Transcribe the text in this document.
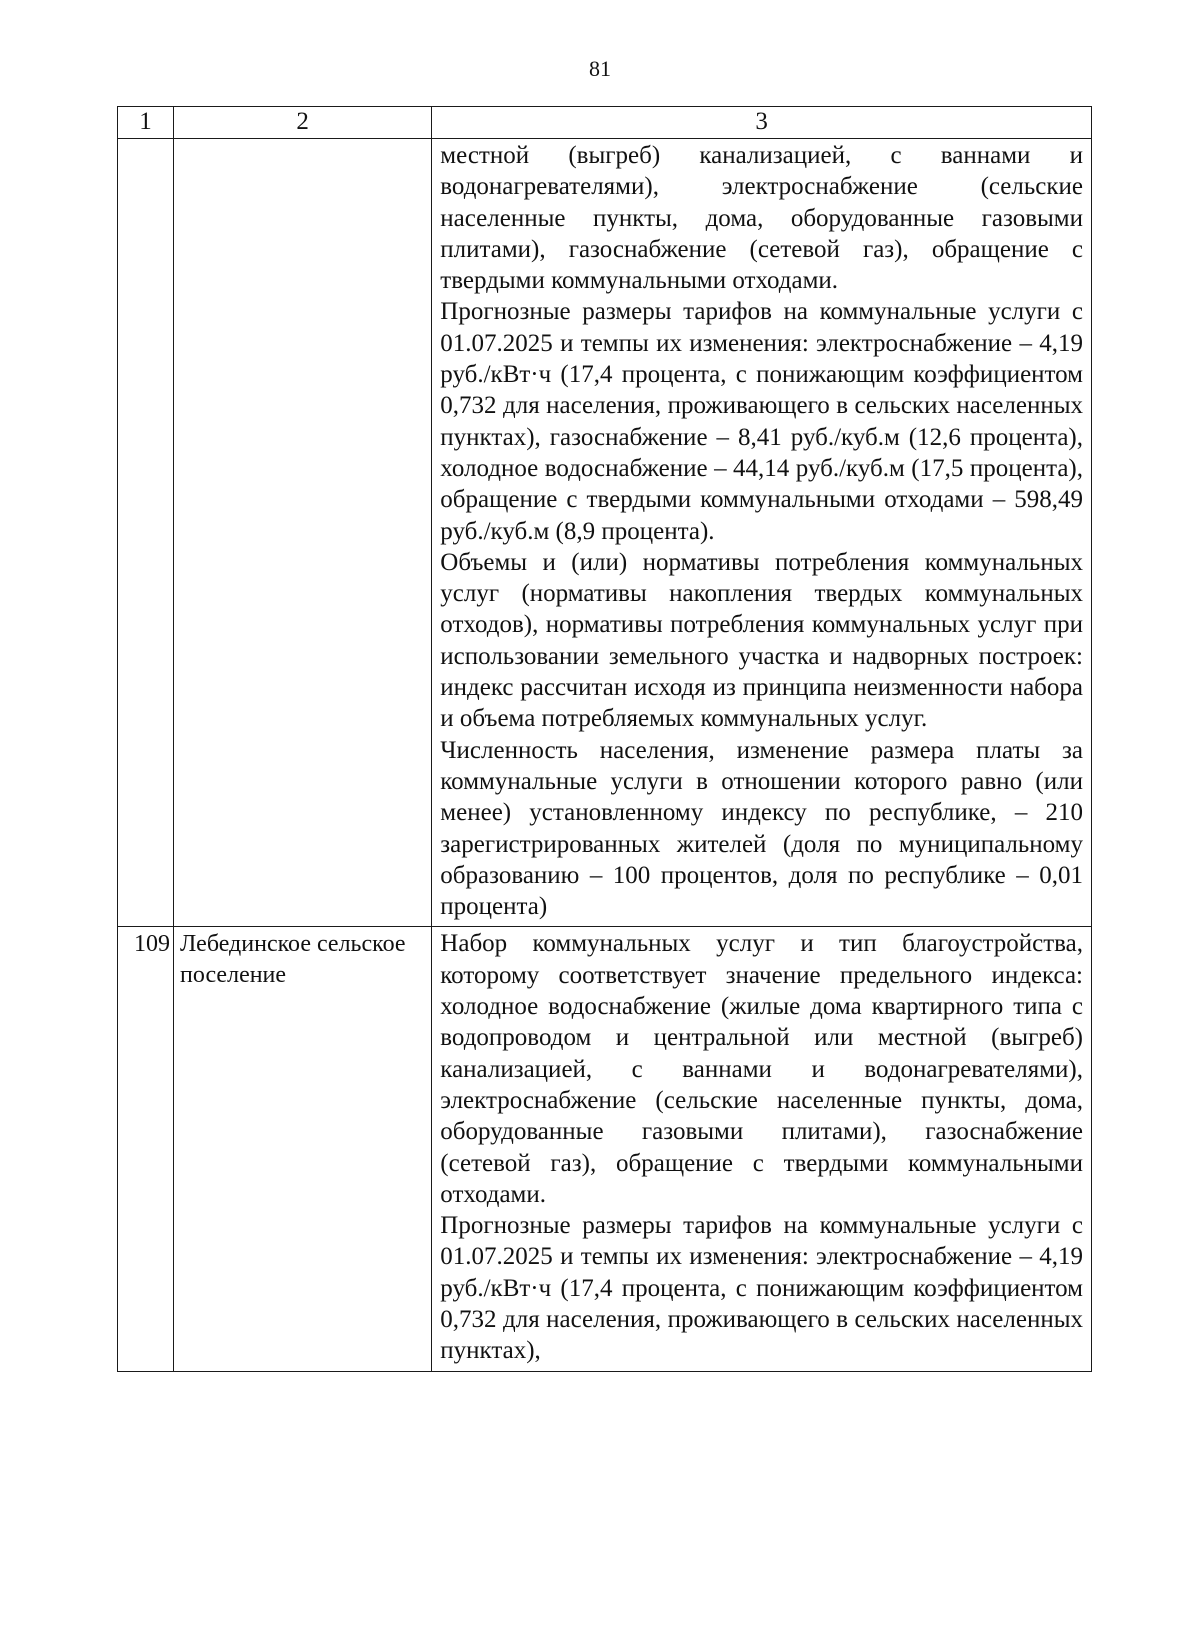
81
1	2	3

		местной (выгреб) канализацией, с ваннами и водонагревателями), электроснабжение (сельские населенные пункты, дома, оборудованные газовыми плитами), газоснабжение (сетевой газ), обращение с твердыми коммунальными отходами.

Прогнозные размеры тарифов на коммунальные услуги с 01.07.2025 и темпы их изменения: электроснабжение – 4,19 руб./кВт·ч (17,4 процента, с понижающим коэффициентом 0,732 для населения, проживающего в сельских населенных пунктах), газоснабжение – 8,41 руб./куб.м (12,6 процента), холодное водоснабжение – 44,14 руб./куб.м (17,5 процента), обращение с твердыми коммунальными отходами – 598,49 руб./куб.м (8,9 процента).

Объемы и (или) нормативы потребления коммунальных услуг (нормативы накопления твердых коммунальных отходов), нормативы потребления коммунальных услуг при использовании земельного участка и надворных построек: индекс рассчитан исходя из принципа неизменности набора и объема потребляемых коммунальных услуг.

Численность населения, изменение размера платы за коммунальные услуги в отношении которого равно (или менее) установленному индексу по республике, – 210 зарегистрированных жителей (доля по муниципальному образованию – 100 процентов, доля по республике – 0,01 процента)

109	Лебединское сельское поселение	Набор коммунальных услуг и тип благоустройства, которому соответствует значение предельного индекса: холодное водоснабжение (жилые дома квартирного типа с водопроводом и центральной или местной (выгреб) канализацией, с ваннами и водонагревателями), электроснабжение (сельские населенные пункты, дома, оборудованные газовыми плитами), газоснабжение (сетевой газ), обращение с твердыми коммунальными отходами.

Прогнозные размеры тарифов на коммунальные услуги с 01.07.2025 и темпы их изменения: электроснабжение – 4,19 руб./кВт·ч (17,4 процента, с понижающим коэффициентом 0,732 для населения, проживающего в сельских населенных пунктах),
